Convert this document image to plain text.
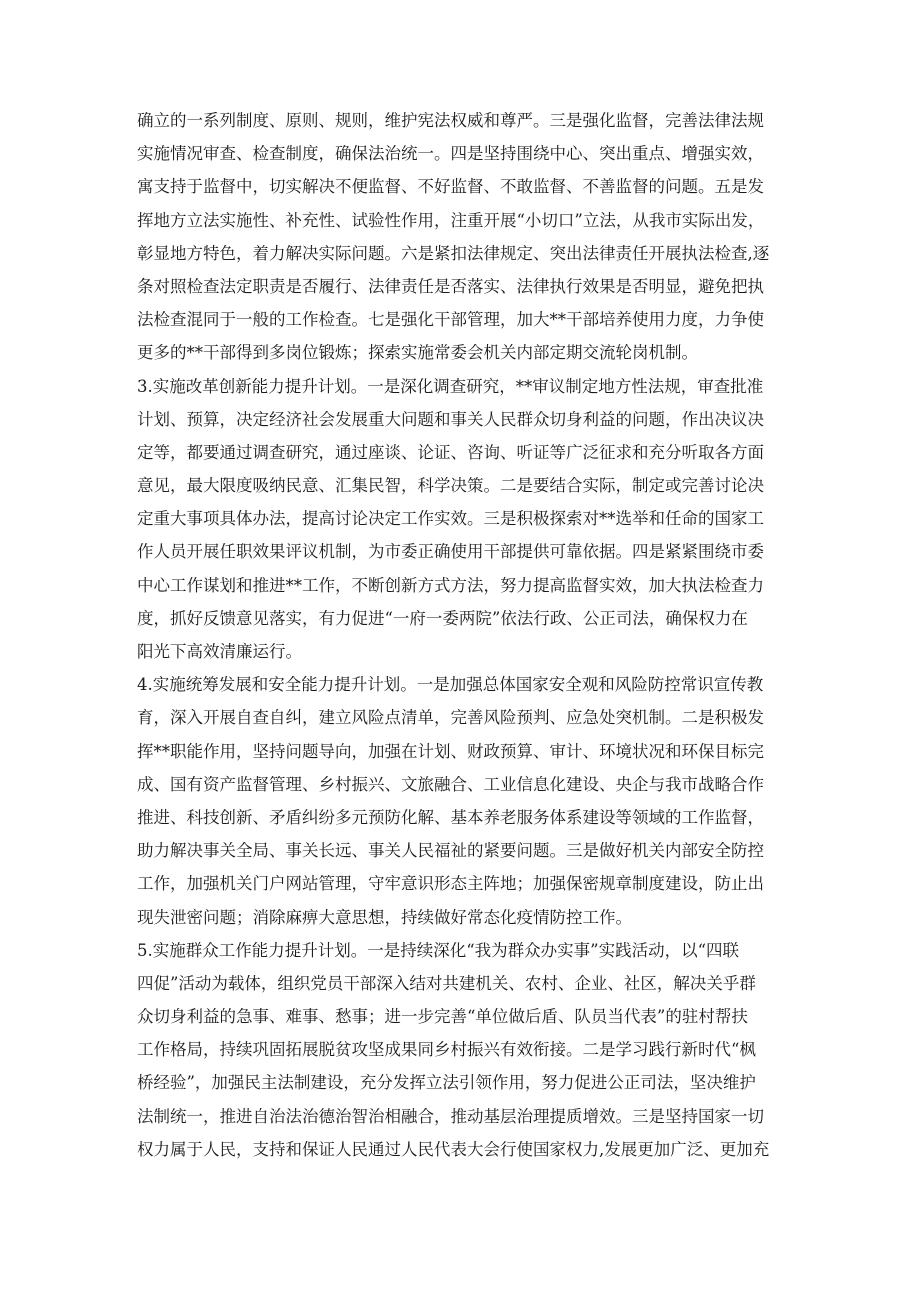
确立的一系列制度、原则、规则，维护宪法权威和尊严。三是强化监督，完善法律法规
实施情况审查、检查制度，确保法治统一。四是坚持围绕中心、突出重点、增强实效，
寓支持于监督中，切实解决不便监督、不好监督、不敢监督、不善监督的问题。五是发
挥地方立法实施性、补充性、试验性作用，注重开展“小切口”立法，从我市实际出发，
彰显地方特色，着力解决实际问题。六是紧扣法律规定、突出法律责任开展执法检查,逐
条对照检查法定职责是否履行、法律责任是否落实、法律执行效果是否明显，避免把执
法检查混同于一般的工作检查。七是强化干部管理，加大**干部培养使用力度，力争使
更多的**干部得到多岗位锻炼；探索实施常委会机关内部定期交流轮岗机制。
3.实施改革创新能力提升计划。一是深化调查研究，**审议制定地方性法规，审查批准
计划、预算，决定经济社会发展重大问题和事关人民群众切身利益的问题，作出决议决
定等，都要通过调查研究，通过座谈、论证、咨询、听证等广泛征求和充分听取各方面
意见，最大限度吸纳民意、汇集民智，科学决策。二是要结合实际，制定或完善讨论决
定重大事项具体办法，提高讨论决定工作实效。三是积极探索对**选举和任命的国家工
作人员开展任职效果评议机制，为市委正确使用干部提供可靠依据。四是紧紧围绕市委
中心工作谋划和推进**工作，不断创新方式方法，努力提高监督实效，加大执法检查力
度，抓好反馈意见落实，有力促进“一府一委两院”依法行政、公正司法，确保权力在
阳光下高效清廉运行。
4.实施统筹发展和安全能力提升计划。一是加强总体国家安全观和风险防控常识宣传教
育，深入开展自查自纠，建立风险点清单，完善风险预判、应急处突机制。二是积极发
挥**职能作用，坚持问题导向，加强在计划、财政预算、审计、环境状况和环保目标完
成、国有资产监督管理、乡村振兴、文旅融合、工业信息化建设、央企与我市战略合作
推进、科技创新、矛盾纠纷多元预防化解、基本养老服务体系建设等领域的工作监督，
助力解决事关全局、事关长远、事关人民福祉的紧要问题。三是做好机关内部安全防控
工作，加强机关门户网站管理，守牢意识形态主阵地；加强保密规章制度建设，防止出
现失泄密问题；消除麻痹大意思想，持续做好常态化疫情防控工作。
5.实施群众工作能力提升计划。一是持续深化“我为群众办实事”实践活动，以“四联
四促”活动为载体，组织党员干部深入结对共建机关、农村、企业、社区，解决关乎群
众切身利益的急事、难事、愁事；进一步完善“单位做后盾、队员当代表”的驻村帮扶
工作格局，持续巩固拓展脱贫攻坚成果同乡村振兴有效衔接。二是学习践行新时代“枫
桥经验”，加强民主法制建设，充分发挥立法引领作用，努力促进公正司法，坚决维护
法制统一，推进自治法治德治智治相融合，推动基层治理提质增效。三是坚持国家一切
权力属于人民，支持和保证人民通过人民代表大会行使国家权力,发展更加广泛、更加充
